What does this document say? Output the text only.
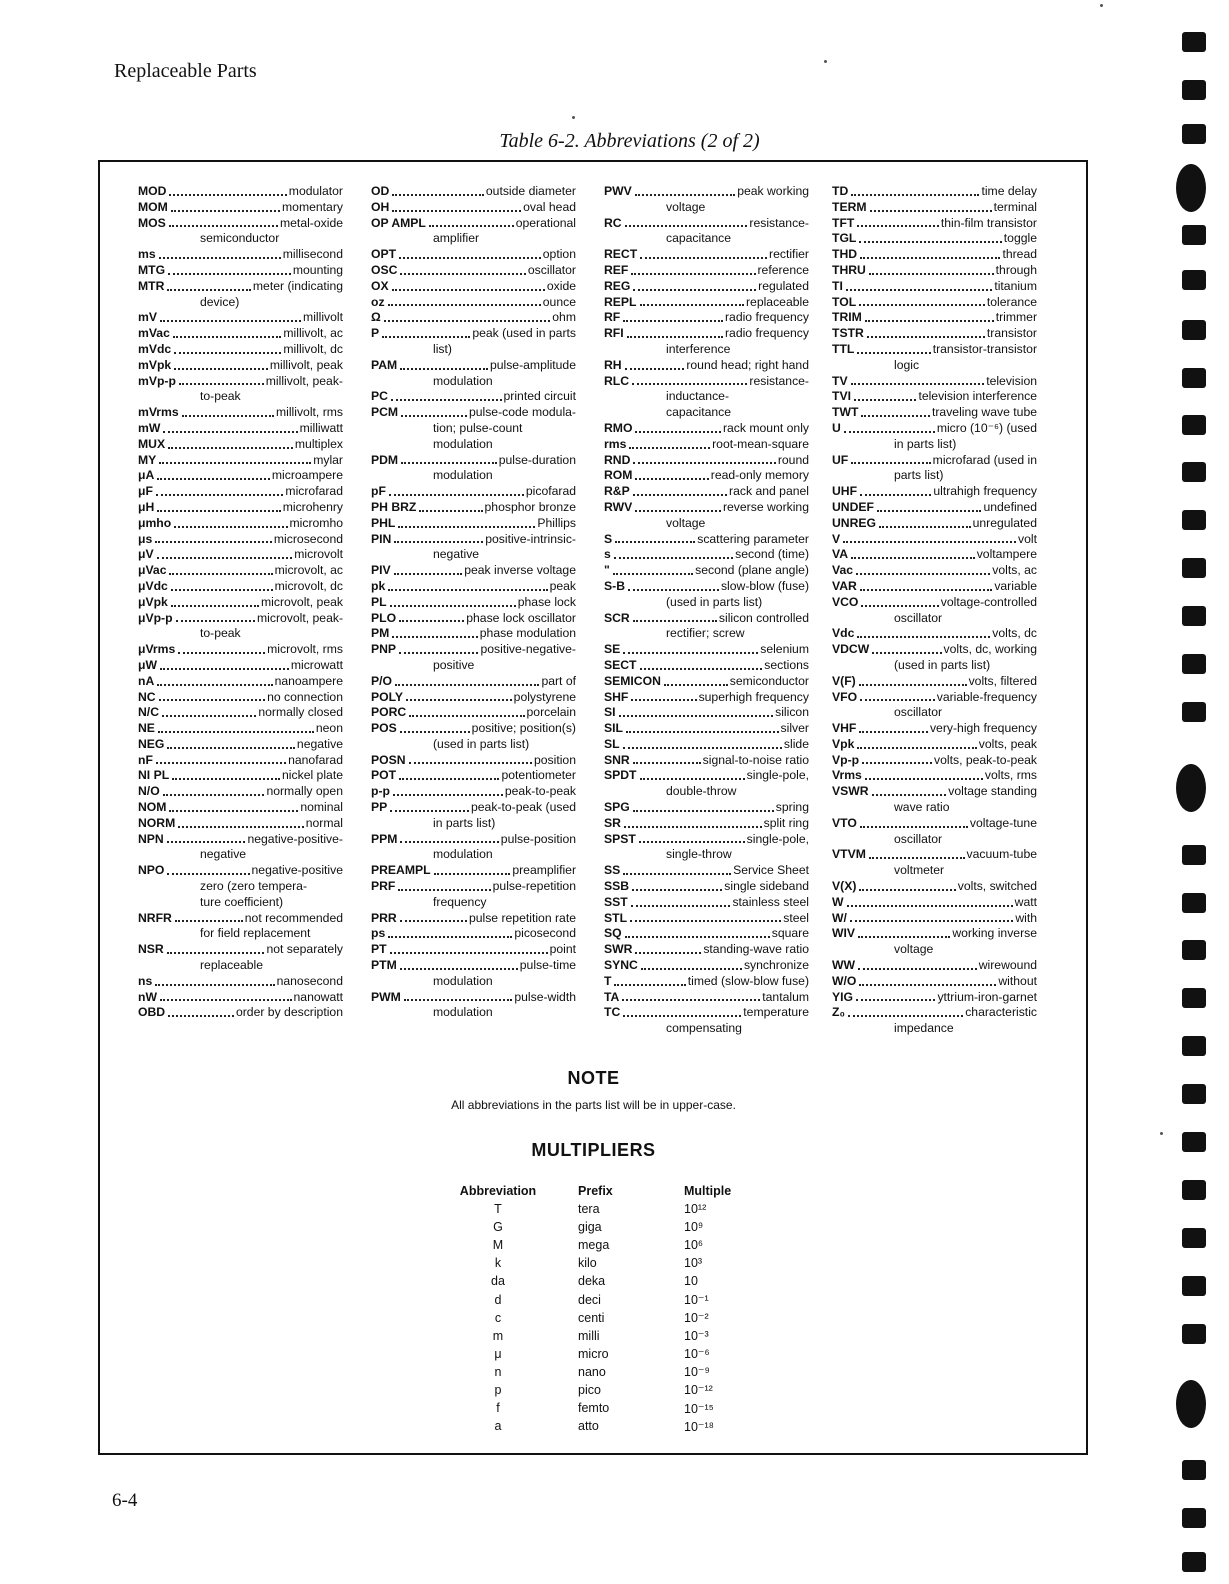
Replaceable Parts
Table 6-2. Abbreviations (2 of 2)
MOD	modulator
MOM	momentary
MOS	metal-oxide
semiconductor
ms	millisecond
MTG	mounting
MTR	meter (indicating
device)
mV	millivolt
mVac	millivolt, ac
mVdc	millivolt, dc
mVpk	millivolt, peak
mVp-p	millivolt, peak-
to-peak
mVrms	millivolt, rms
mW	milliwatt
MUX	multiplex
MY	mylar
μA	microampere
μF	microfarad
μH	microhenry
μmho	micromho
μs	microsecond
μV	microvolt
μVac	microvolt, ac
μVdc	microvolt, dc
μVpk	microvolt, peak
μVp-p	microvolt, peak-
to-peak
μVrms	microvolt, rms
μW	microwatt
nA	nanoampere
NC	no connection
N/C	normally closed
NE	neon
NEG	negative
nF	nanofarad
NI PL	nickel plate
N/O	normally open
NOM	nominal
NORM	normal
NPN	negative-positive-
negative
NPO	negative-positive
zero (zero tempera-
ture coefficient)
NRFR	not recommended
for field replacement
NSR	not separately
replaceable
ns	nanosecond
nW	nanowatt
OBD	order by description
OD	outside diameter
OH	oval head
OP AMPL	operational
amplifier
OPT	option
OSC	oscillator
OX	oxide
oz	ounce
Ω	ohm
P	peak (used in parts
list)
PAM	pulse-amplitude
modulation
PC	printed circuit
PCM	pulse-code modula-
tion; pulse-count
modulation
PDM	pulse-duration
modulation
pF	picofarad
PH BRZ	phosphor bronze
PHL	Phillips
PIN	positive-intrinsic-
negative
PIV	peak inverse voltage
pk	peak
PL	phase lock
PLO	phase lock oscillator
PM	phase modulation
PNP	positive-negative-
positive
P/O	part of
POLY	polystyrene
PORC	porcelain
POS	positive; position(s)
(used in parts list)
POSN	position
POT	potentiometer
p-p	peak-to-peak
PP	peak-to-peak (used
in parts list)
PPM	pulse-position
modulation
PREAMPL	preamplifier
PRF	pulse-repetition
frequency
PRR	pulse repetition rate
ps	picosecond
PT	point
PTM	pulse-time
modulation
PWM	pulse-width
modulation
PWV	peak working
voltage
RC	resistance-
capacitance
RECT	rectifier
REF	reference
REG	regulated
REPL	replaceable
RF	radio frequency
RFI	radio frequency
interference
RH	round head; right hand
RLC	resistance-
inductance-
capacitance
RMO	rack mount only
rms	root-mean-square
RND	round
ROM	read-only memory
R&P	rack and panel
RWV	reverse working
voltage
S	scattering parameter
s	second (time)
"	second (plane angle)
S-B	slow-blow (fuse)
(used in parts list)
SCR	silicon controlled
rectifier; screw
SE	selenium
SECT	sections
SEMICON	semiconductor
SHF	superhigh frequency
SI	silicon
SIL	silver
SL	slide
SNR	signal-to-noise ratio
SPDT	single-pole,
double-throw
SPG	spring
SR	split ring
SPST	single-pole,
single-throw
SS	Service Sheet
SSB	single sideband
SST	stainless steel
STL	steel
SQ	square
SWR	standing-wave ratio
SYNC	synchronize
T	timed (slow-blow fuse)
TA	tantalum
TC	temperature
compensating
TD	time delay
TERM	terminal
TFT	thin-film transistor
TGL	toggle
THD	thread
THRU	through
TI	titanium
TOL	tolerance
TRIM	trimmer
TSTR	transistor
TTL	transistor-transistor
logic
TV	television
TVI	television interference
TWT	traveling wave tube
U	micro (10⁻⁶) (used
in parts list)
UF	microfarad (used in
parts list)
UHF	ultrahigh frequency
UNDEF	undefined
UNREG	unregulated
V	volt
VA	voltampere
Vac	volts, ac
VAR	variable
VCO	voltage-controlled
oscillator
Vdc	volts, dc
VDCW	volts, dc, working
(used in parts list)
V(F)	volts, filtered
VFO	variable-frequency
oscillator
VHF	very-high frequency
Vpk	volts, peak
Vp-p	volts, peak-to-peak
Vrms	volts, rms
VSWR	voltage standing
wave ratio
VTO	voltage-tune
oscillator
VTVM	vacuum-tube
voltmeter
V(X)	volts, switched
W	watt
W/	with
WIV	working inverse
voltage
WW	wirewound
W/O	without
YIG	yttrium-iron-garnet
Z₀	characteristic
impedance
NOTE
All abbreviations in the parts list will be in upper-case.
MULTIPLIERS
Abbreviation	Prefix	Multiple
T	tera	10¹²
G	giga	10⁹
M	mega	10⁶
k	kilo	10³
da	deka	10
d	deci	10⁻¹
c	centi	10⁻²
m	milli	10⁻³
μ	micro	10⁻⁶
n	nano	10⁻⁹
p	pico	10⁻¹²
f	femto	10⁻¹⁵
a	atto	10⁻¹⁸
6-4
